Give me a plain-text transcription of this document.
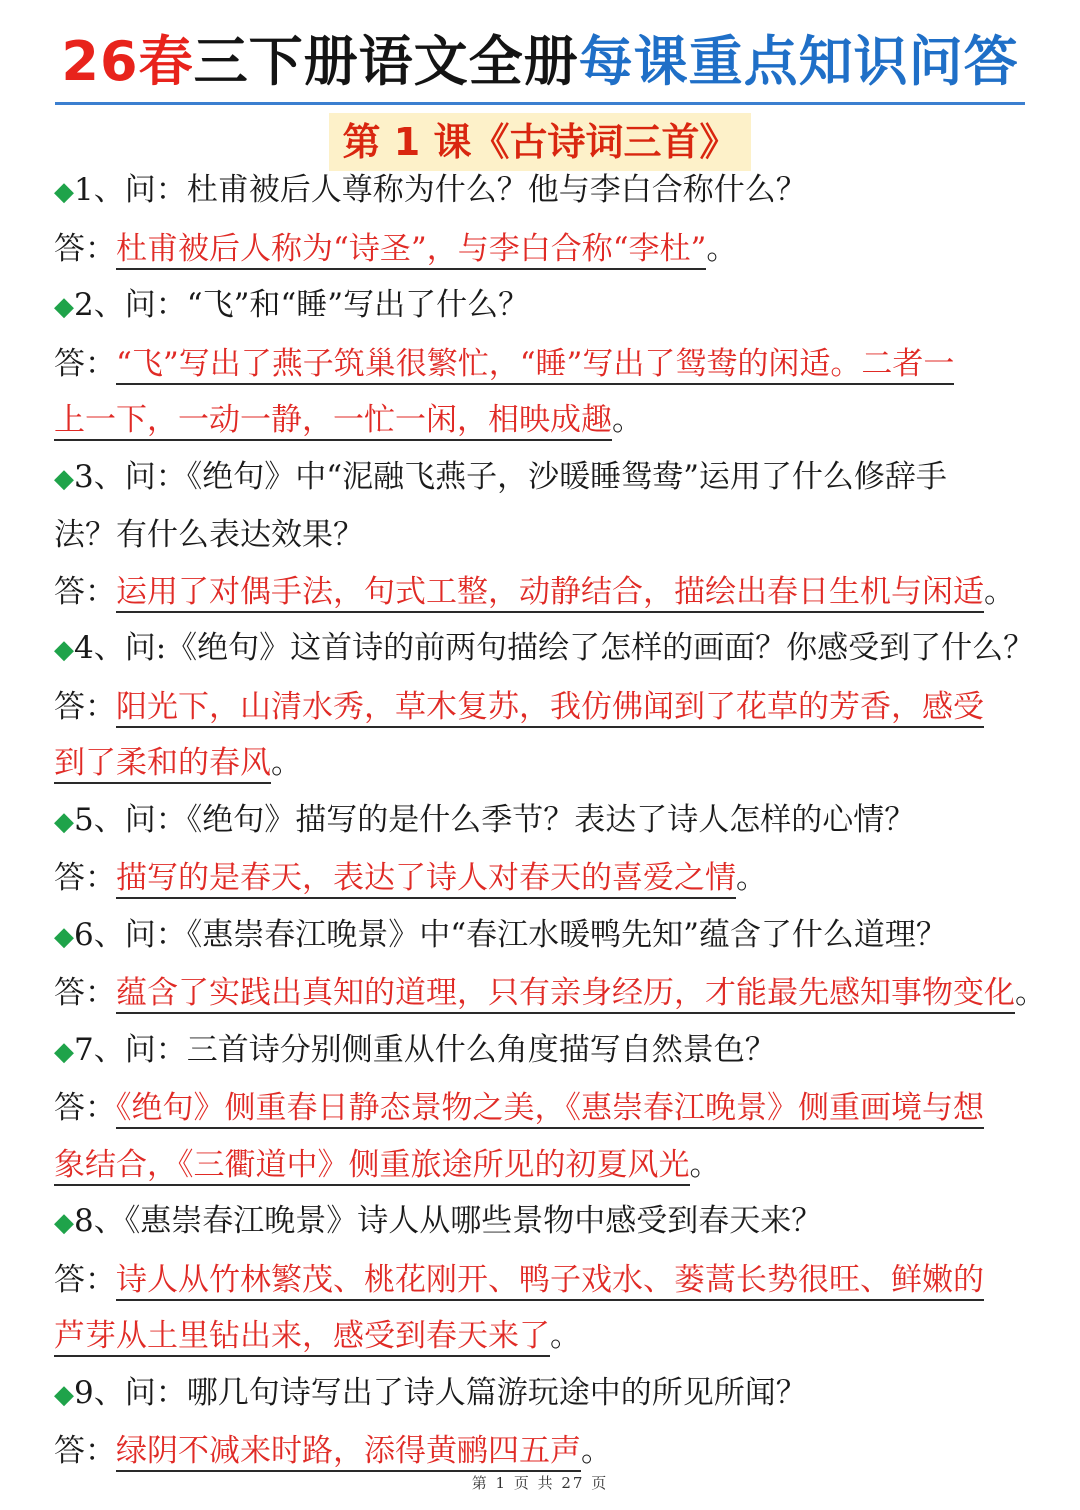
26春三下册语文全册每课重点知识问答
第 1 课《古诗词三首》
◆1、问：杜甫被后人尊称为什么？他与李白合称什么？
答：杜甫被后人称为“诗圣”，与李白合称“李杜”。
◆2、问：“飞”和“睡”写出了什么？
答：“飞”写出了燕子筑巢很繁忙，“睡”写出了鸳鸯的闲适。二者一
上一下，一动一静，一忙一闲，相映成趣。
◆3、问：《绝句》中“泥融飞燕子，沙暖睡鸳鸯”运用了什么修辞手
法？有什么表达效果？
答：运用了对偶手法，句式工整，动静结合，描绘出春日生机与闲适。
◆4、问:《绝句》这首诗的前两句描绘了怎样的画面？你感受到了什么？
答：阳光下，山清水秀，草木复苏，我仿佛闻到了花草的芳香，感受
到了柔和的春风。
◆5、问：《绝句》描写的是什么季节？表达了诗人怎样的心情？
答：描写的是春天，表达了诗人对春天的喜爱之情。
◆6、问：《惠崇春江晚景》中“春江水暖鸭先知”蕴含了什么道理？
答：蕴含了实践出真知的道理，只有亲身经历，才能最先感知事物变化。
◆7、问：三首诗分别侧重从什么角度描写自然景色？
答：《绝句》侧重春日静态景物之美，《惠崇春江晚景》侧重画境与想
象结合，《三衢道中》侧重旅途所见的初夏风光。
◆8、《惠崇春江晚景》诗人从哪些景物中感受到春天来？
答：诗人从竹林繁茂、桃花刚开、鸭子戏水、蒌蒿长势很旺、鲜嫩的
芦芽从土里钻出来，感受到春天来了。
◆9、问：哪几句诗写出了诗人篇游玩途中的所见所闻？
答：绿阴不减来时路，添得黄鹂四五声。
第 1 页 共 27 页
